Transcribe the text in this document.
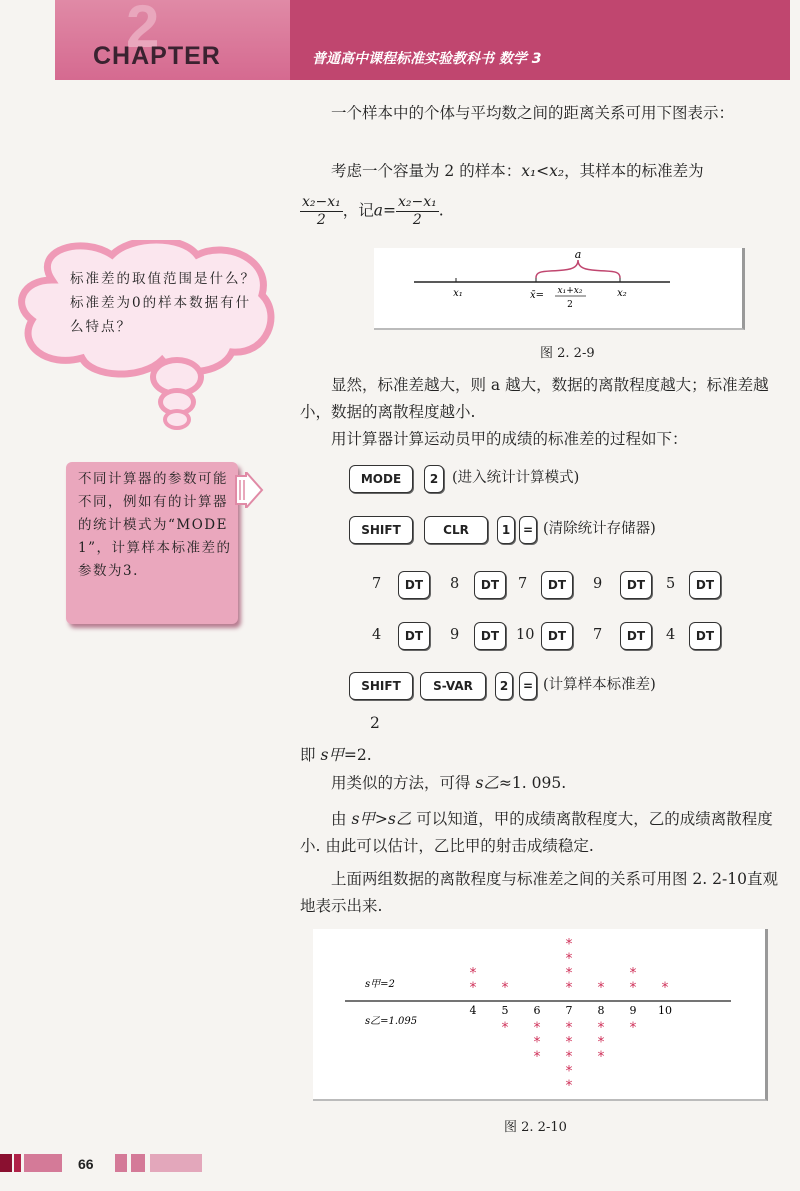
2
CHAPTER	普通高中课程标准实验教科书 数学 3
标准差的取值范围是什么？标准差为0的样本数据有什么特点？
不同计算器的参数可能不同，例如有的计算器的统计模式为“MODE 1”，计算样本标准差的参数为3.
一个样本中的个体与平均数之间的距离关系可用下图表示：
考虑一个容量为 2 的样本：x₁<x₂，其样本的标准差为
$\frac{\text{x₂−x₁}}{2}$ ，记$a= \frac{\text{x₂−x₁}}{2}$ .
a
x₁	x̄= x₁+x₂
2
x₂
图 2. 2-9
显然，标准差越大，则 a 越大，数据的离散程度越大；标准差越小，数据的离散程度越小.
用计算器计算运动员甲的成绩的标准差的过程如下：
MODE	2 (进入统计计算模式)
SHIFT	CLR	1	= (清除统计存储器)
7	DT	8	DT	7	DT	9	DT	5	DT
4	DT	9	DT	10	DT	7	DT	4	DT
SHIFT	S-VAR	2	= (计算样本标准差)
2
即 s甲=2.
用类似的方法，可得 s乙≈1. 095.
由 s甲>s乙 可以知道，甲的成绩离散程度大，乙的成绩离散程度小. 由此可以估计，乙比甲的射击成绩稳定.
上面两组数据的离散程度与标准差之间的关系可用图 2. 2-10直观地表示出来.
s甲=2
s乙=1.095
4 5 6 7 8 9 10
*
*
*	*
*
*
*
* *
*
*
* *
*
*
*
*
*
*
*
*
*
*
*
图 2. 2-10
66
